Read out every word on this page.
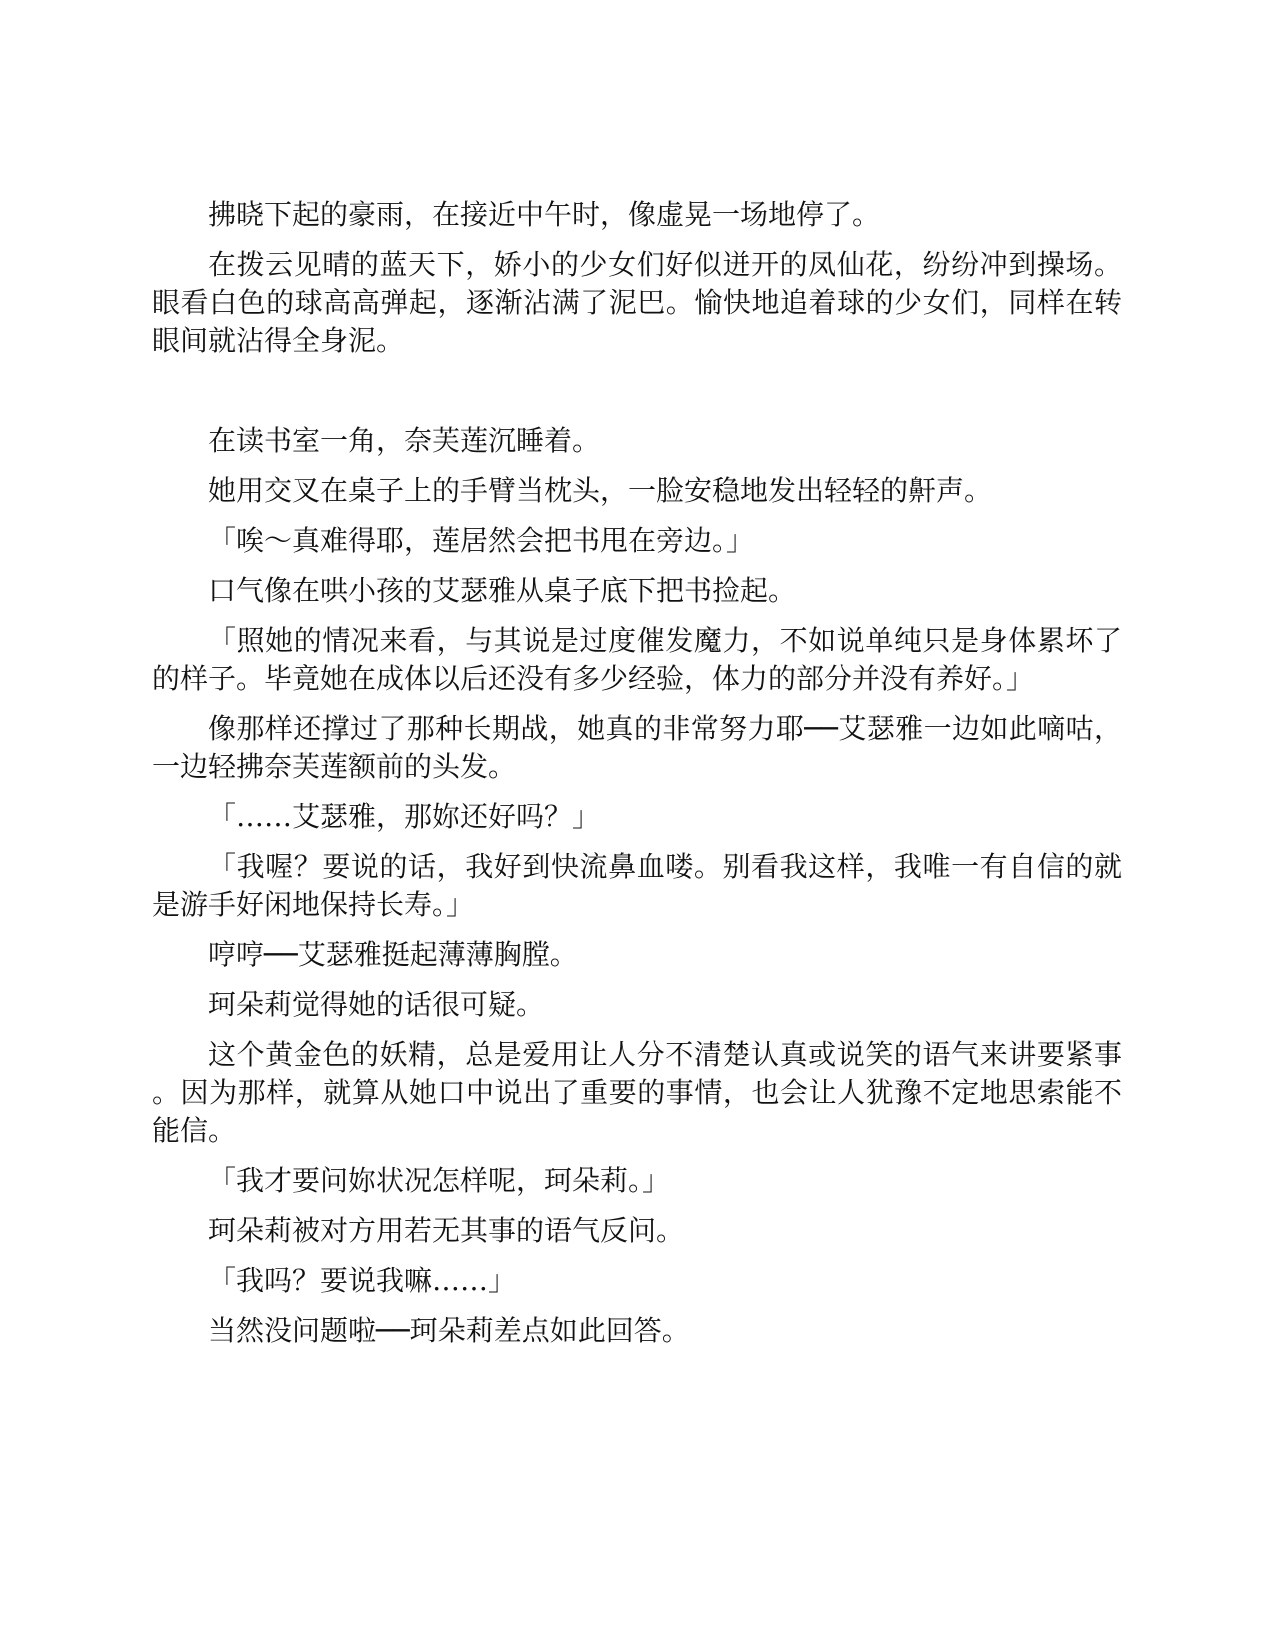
拂晓下起的豪雨，在接近中午时，像虚晃一场地停了。

在拨云见晴的蓝天下，娇小的少女们好似迸开的凤仙花，纷纷冲到操场。眼看白色的球高高弹起，逐渐沾满了泥巴。愉快地追着球的少女们，同样在转眼间就沾得全身泥。

在读书室一角，奈芙莲沉睡着。

她用交叉在桌子上的手臂当枕头，一脸安稳地发出轻轻的鼾声。

「唉～真难得耶，莲居然会把书甩在旁边。」

口气像在哄小孩的艾瑟雅从桌子底下把书捡起。

「照她的情况来看，与其说是过度催发魔力，不如说单纯只是身体累坏了的样子。毕竟她在成体以后还没有多少经验，体力的部分并没有养好。」

像那样还撑过了那种长期战，她真的非常努力耶──艾瑟雅一边如此嘀咕，一边轻拂奈芙莲额前的头发。

「……艾瑟雅，那妳还好吗？」

「我喔？要说的话，我好到快流鼻血喽。别看我这样，我唯一有自信的就是游手好闲地保持长寿。」

哼哼──艾瑟雅挺起薄薄胸膛。

珂朵莉觉得她的话很可疑。

这个黄金色的妖精，总是爱用让人分不清楚认真或说笑的语气来讲要紧事。因为那样，就算从她口中说出了重要的事情，也会让人犹豫不定地思索能不能信。

「我才要问妳状况怎样呢，珂朵莉。」

珂朵莉被对方用若无其事的语气反问。

「我吗？要说我嘛……」

当然没问题啦──珂朵莉差点如此回答。
